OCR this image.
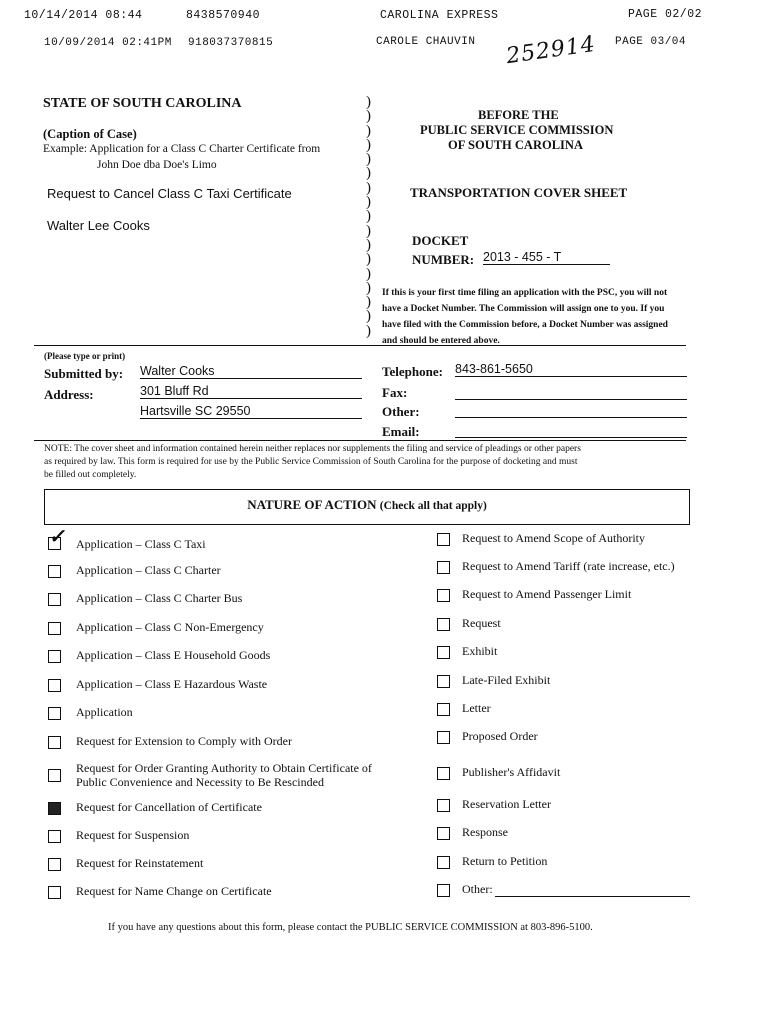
10/14/2014 08:44	8438570940	CAROLINA EXPRESS	PAGE 02/02
10/09/2014 02:41PM 918037370815	CAROLE CHAUVIN	PAGE 03/04
252914
STATE OF SOUTH CAROLINA
(Caption of Case)
Example: Application for a Class C Charter Certificate from
John Doe dba Doe's Limo
Request to Cancel Class C Taxi Certificate
Walter Lee Cooks
)
)
)
)
)
)
)
)
)
)
)
)
)
)
)
)
)
BEFORE THE
PUBLIC SERVICE COMMISSION
OF SOUTH CAROLINA
TRANSPORTATION COVER SHEET
DOCKET
NUMBER: 2013 - 455 - T
If this is your first time filing an application with the PSC, you will not
have a Docket Number. The Commission will assign one to you. If you
have filed with the Commission before, a Docket Number was assigned
and should be entered above.
(Please type or print)
Submitted by: Walter Cooks
Address:	301 Bluff Rd
Hartsville SC 29550
Telephone: 843-861-5650
Fax:
Other:
Email:
NOTE: The cover sheet and information contained herein neither replaces nor supplements the filing and service of pleadings or other papers
as required by law. This form is required for use by the Public Service Commission of South Carolina for the purpose of docketing and must
be filled out completely.
NATURE OF ACTION (Check all that apply)
✓ Application – Class C Taxi
Application – Class C Charter
Application – Class C Charter Bus
Application – Class C Non-Emergency
Application – Class E Household Goods
Application – Class E Hazardous Waste
Application
Request for Extension to Comply with Order
Request for Order Granting Authority to Obtain Certificate of
Public Convenience and Necessity to Be Rescinded
Request for Cancellation of Certificate
Request for Suspension
Request for Reinstatement
Request for Name Change on Certificate
Request to Amend Scope of Authority
Request to Amend Tariff (rate increase, etc.)
Request to Amend Passenger Limit
Request
Exhibit
Late-Filed Exhibit
Letter
Proposed Order
Publisher's Affidavit
Reservation Letter
Response
Return to Petition
Other:
If you have any questions about this form, please contact the PUBLIC SERVICE COMMISSION at 803-896-5100.
